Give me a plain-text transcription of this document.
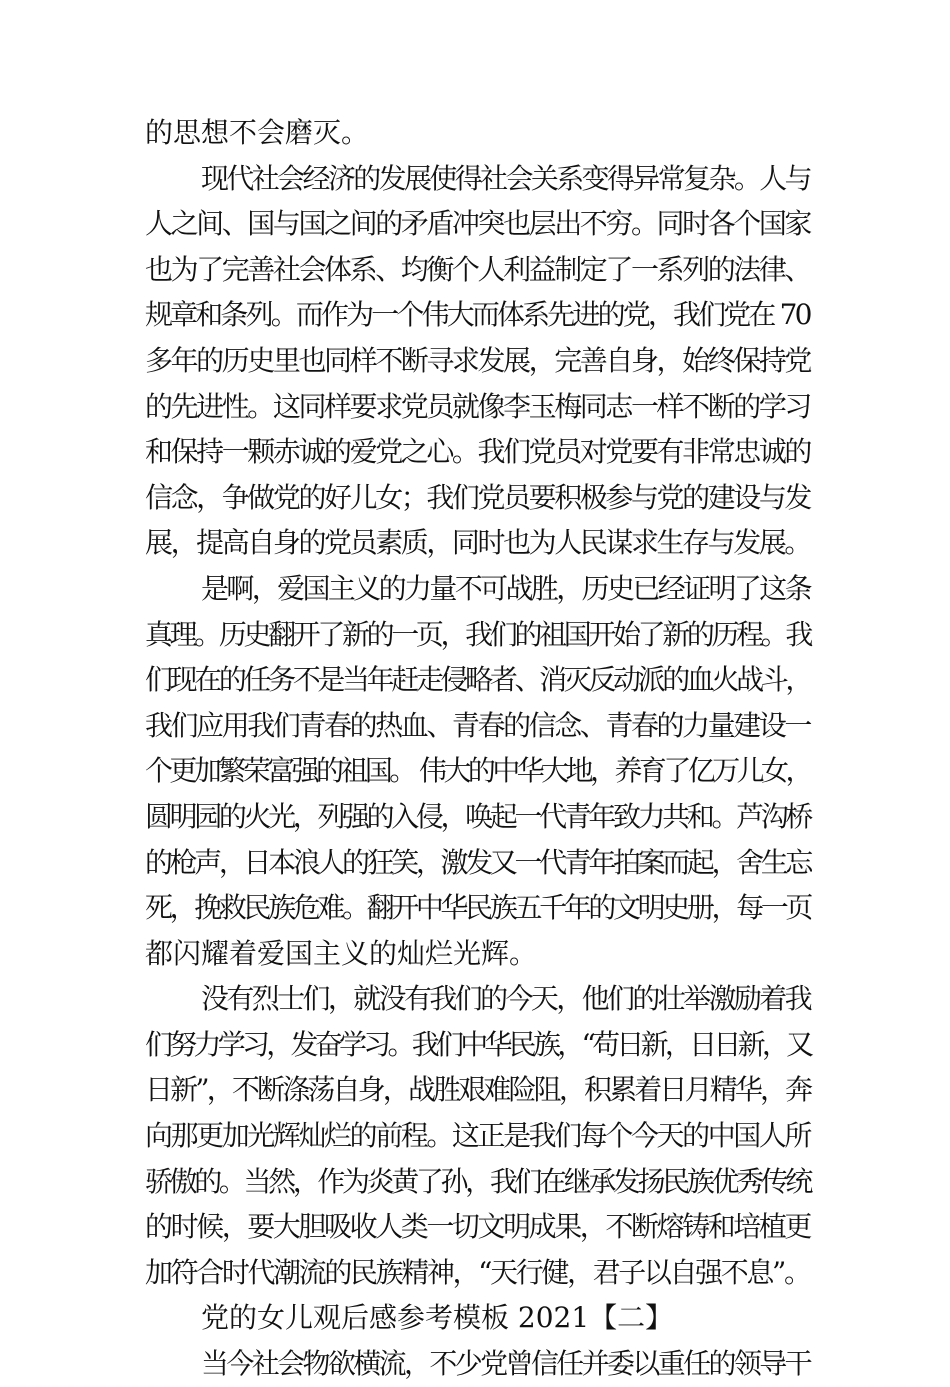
的思想不会磨灭。
现代社会经济的发展使得社会关系变得异常复杂。人与
人之间、国与国之间的矛盾冲突也层出不穷。同时各个国家
也为了完善社会体系、均衡个人利益制定了一系列的法律、
规章和条列。而作为一个伟大而体系先进的党，我们党在 70
多年的历史里也同样不断寻求发展，完善自身，始终保持党
的先进性。这同样要求党员就像李玉梅同志一样不断的学习
和保持一颗赤诚的爱党之心。我们党员对党要有非常忠诚的
信念，争做党的好儿女；我们党员要积极参与党的建设与发
展，提高自身的党员素质，同时也为人民谋求生存与发展。
是啊，爱国主义的力量不可战胜，历史已经证明了这条
真理。历史翻开了新的一页，我们的祖国开始了新的历程。我
们现在的任务不是当年赶走侵略者、消灭反动派的血火战斗，
我们应用我们青春的热血、青春的信念、青春的力量建设一
个更加繁荣富强的祖国。 伟大的中华大地，养育了亿万儿女，
圆明园的火光，列强的入侵，唤起一代青年致力共和。芦沟桥
的枪声，日本浪人的狂笑，激发又一代青年拍案而起，舍生忘
死，挽救民族危难。翻开中华民族五千年的文明史册，每一页
都闪耀着爱国主义的灿烂光辉。
没有烈士们，就没有我们的今天，他们的壮举激励着我
们努力学习，发奋学习。我们中华民族，“苟日新，日日新，又
日新”，不断涤荡自身，战胜艰难险阻，积累着日月精华，奔
向那更加光辉灿烂的前程。这正是我们每个今天的中国人所
骄傲的。当然，作为炎黄了孙，我们在继承发扬民族优秀传统
的时候，要大胆吸收人类一切文明成果，不断熔铸和培植更
加符合时代潮流的民族精神，“天行健，君子以自强不息”。
党的女儿观后感参考模板 2021【二】
当今社会物欲横流，不少党曾信任并委以重任的领导干
